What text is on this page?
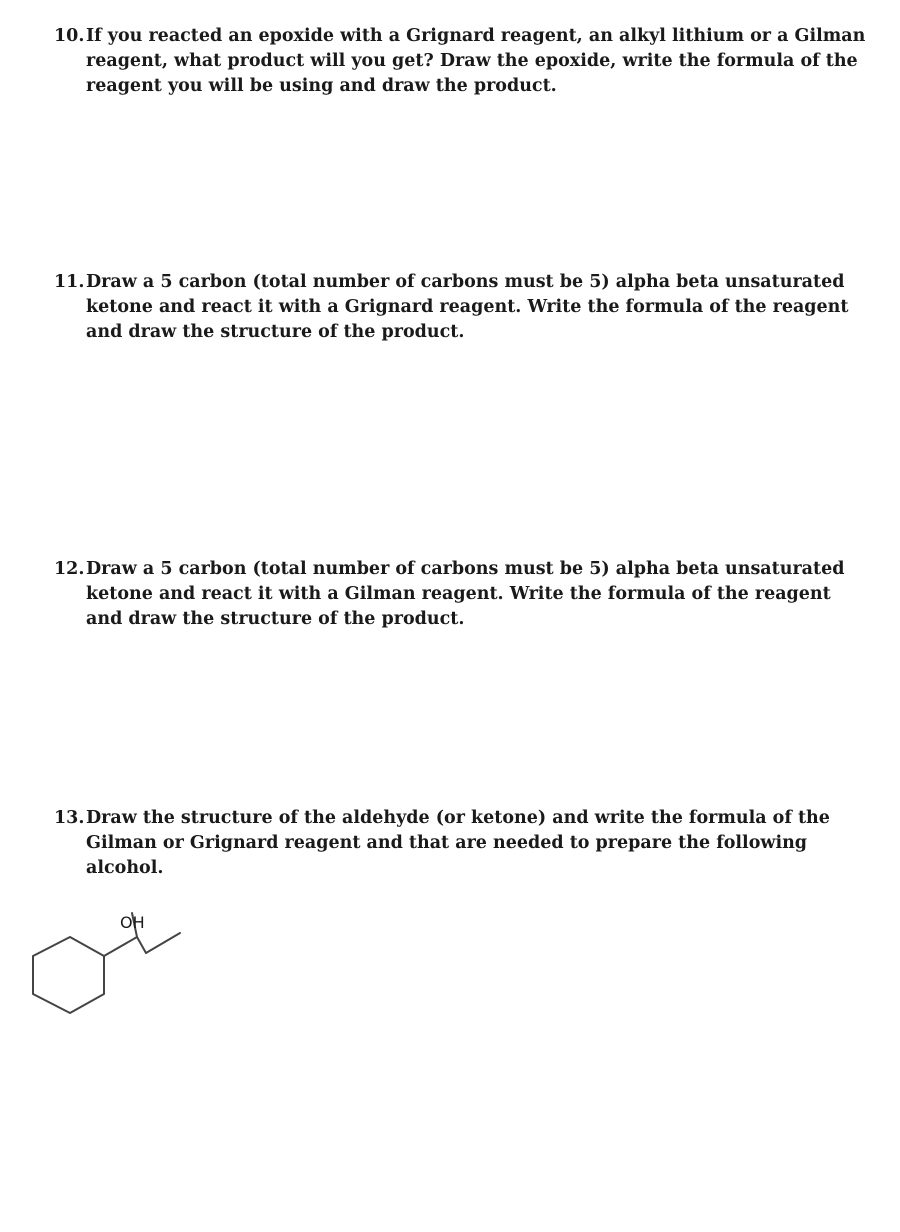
10. If you reacted an epoxide with a Grignard reagent, an alkyl lithium or a Gilman reagent, what product will you get? Draw the epoxide, write the formula of the reagent you will be using and draw the product.
11. Draw a 5 carbon (total number of carbons must be 5) alpha beta unsaturated ketone and react it with a Grignard reagent. Write the formula of the reagent and draw the structure of the product.
12. Draw a 5 carbon (total number of carbons must be 5) alpha beta unsaturated ketone and react it with a Gilman reagent. Write the formula of the reagent and draw the structure of the product.
13. Draw the structure of the aldehyde (or ketone) and write the formula of the Gilman or Grignard reagent and that are needed to prepare the following alcohol.
OH
